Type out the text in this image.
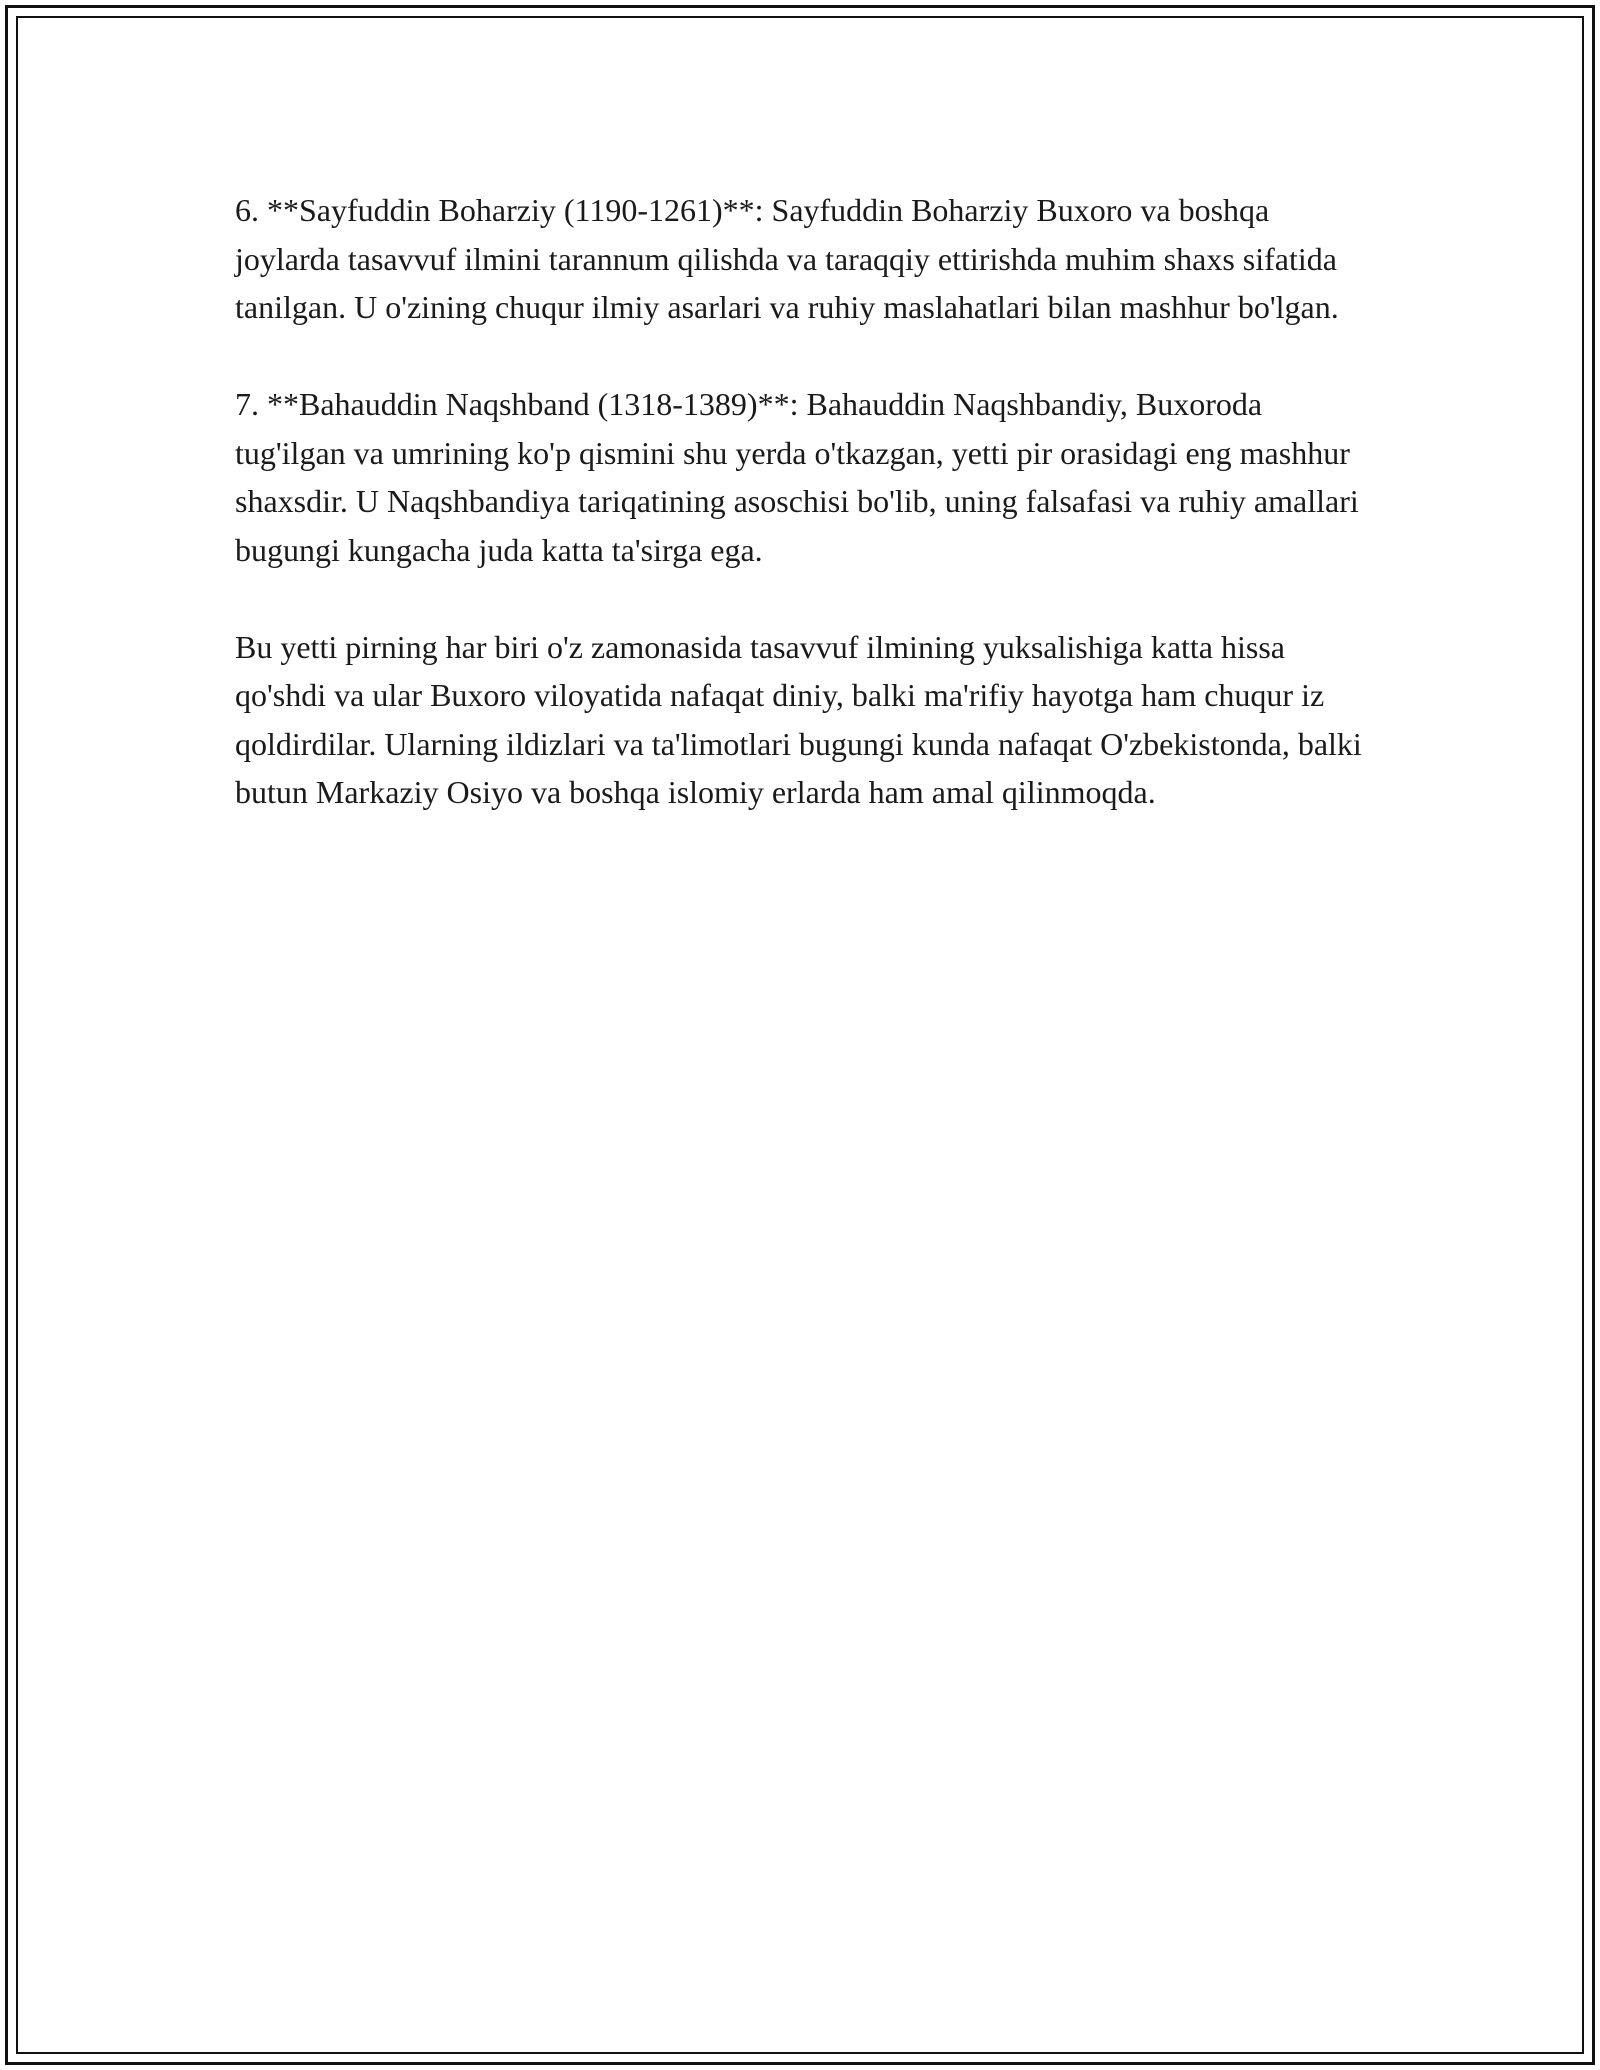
6. **Sayfuddin Boharziy (1190-1261)**: Sayfuddin Boharziy Buxoro va boshqa joylarda tasavvuf ilmini tarannum qilishda va taraqqiy ettirishda muhim shaxs sifatida tanilgan. U o'zining chuqur ilmiy asarlari va ruhiy maslahatlari bilan mashhur bo'lgan.

7. **Bahauddin Naqshband (1318-1389)**: Bahauddin Naqshbandiy, Buxoroda tug'ilgan va umrining ko'p qismini shu yerda o'tkazgan, yetti pir orasidagi eng mashhur shaxsdir. U Naqshbandiya tariqatining asoschisi bo'lib, uning falsafasi va ruhiy amallari bugungi kungacha juda katta ta'sirga ega.

Bu yetti pirning har biri o'z zamonasida tasavvuf ilmining yuksalishiga katta hissa qo'shdi va ular Buxoro viloyatida nafaqat diniy, balki ma'rifiy hayotga ham chuqur iz qoldirdilar. Ularning ildizlari va ta'limotlari bugungi kunda nafaqat O'zbekistonda, balki butun Markaziy Osiyo va boshqa islomiy erlarda ham amal qilinmoqda.
